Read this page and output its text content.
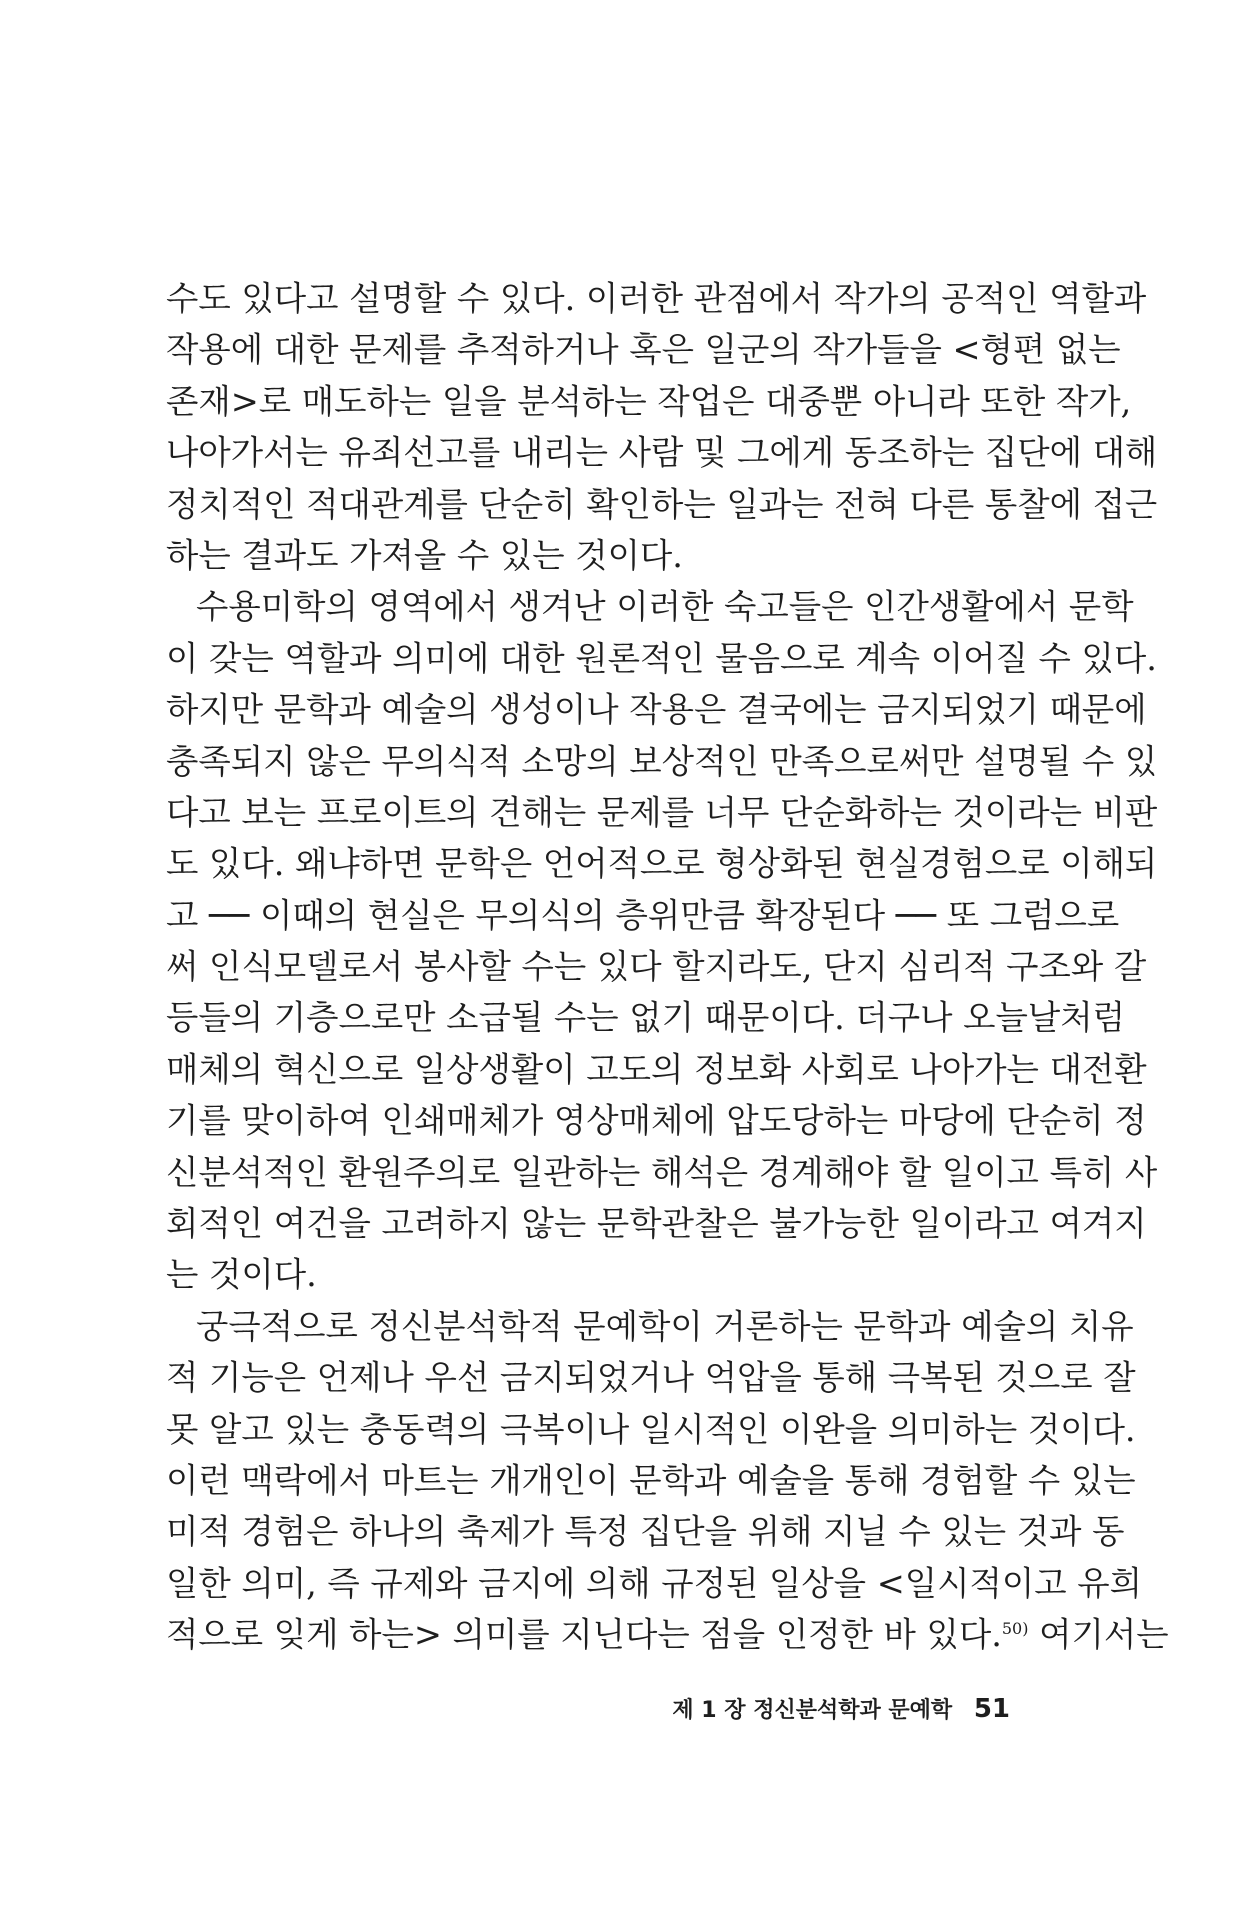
수도 있다고 설명할 수 있다. 이러한 관점에서 작가의 공적인 역할과
작용에 대한 문제를 추적하거나 혹은 일군의 작가들을 <형편 없는
존재>로 매도하는 일을 분석하는 작업은 대중뿐 아니라 또한 작가,
나아가서는 유죄선고를 내리는 사람 및 그에게 동조하는 집단에 대해
정치적인 적대관계를 단순히 확인하는 일과는 전혀 다른 통찰에 접근
하는 결과도 가져올 수 있는 것이다.
수용미학의 영역에서 생겨난 이러한 숙고들은 인간생활에서 문학
이 갖는 역할과 의미에 대한 원론적인 물음으로 계속 이어질 수 있다.
하지만 문학과 예술의 생성이나 작용은 결국에는 금지되었기 때문에
충족되지 않은 무의식적 소망의 보상적인 만족으로써만 설명될 수 있
다고 보는 프로이트의 견해는 문제를 너무 단순화하는 것이라는 비판
도 있다. 왜냐하면 문학은 언어적으로 형상화된 현실경험으로 이해되
고 ── 이때의 현실은 무의식의 층위만큼 확장된다 ── 또 그럼으로
써 인식모델로서 봉사할 수는 있다 할지라도, 단지 심리적 구조와 갈
등들의 기층으로만 소급될 수는 없기 때문이다. 더구나 오늘날처럼
매체의 혁신으로 일상생활이 고도의 정보화 사회로 나아가는 대전환
기를 맞이하여 인쇄매체가 영상매체에 압도당하는 마당에 단순히 정
신분석적인 환원주의로 일관하는 해석은 경계해야 할 일이고 특히 사
회적인 여건을 고려하지 않는 문학관찰은 불가능한 일이라고 여겨지
는 것이다.
궁극적으로 정신분석학적 문예학이 거론하는 문학과 예술의 치유
적 기능은 언제나 우선 금지되었거나 억압을 통해 극복된 것으로 잘
못 알고 있는 충동력의 극복이나 일시적인 이완을 의미하는 것이다.
이런 맥락에서 마트는 개개인이 문학과 예술을 통해 경험할 수 있는
미적 경험은 하나의 축제가 특정 집단을 위해 지닐 수 있는 것과 동
일한 의미, 즉 규제와 금지에 의해 규정된 일상을 <일시적이고 유희
적으로 잊게 하는> 의미를 지닌다는 점을 인정한 바 있다.$^{50)}$ 여기서는
제 1 장 정신분석학과 문예학 51
